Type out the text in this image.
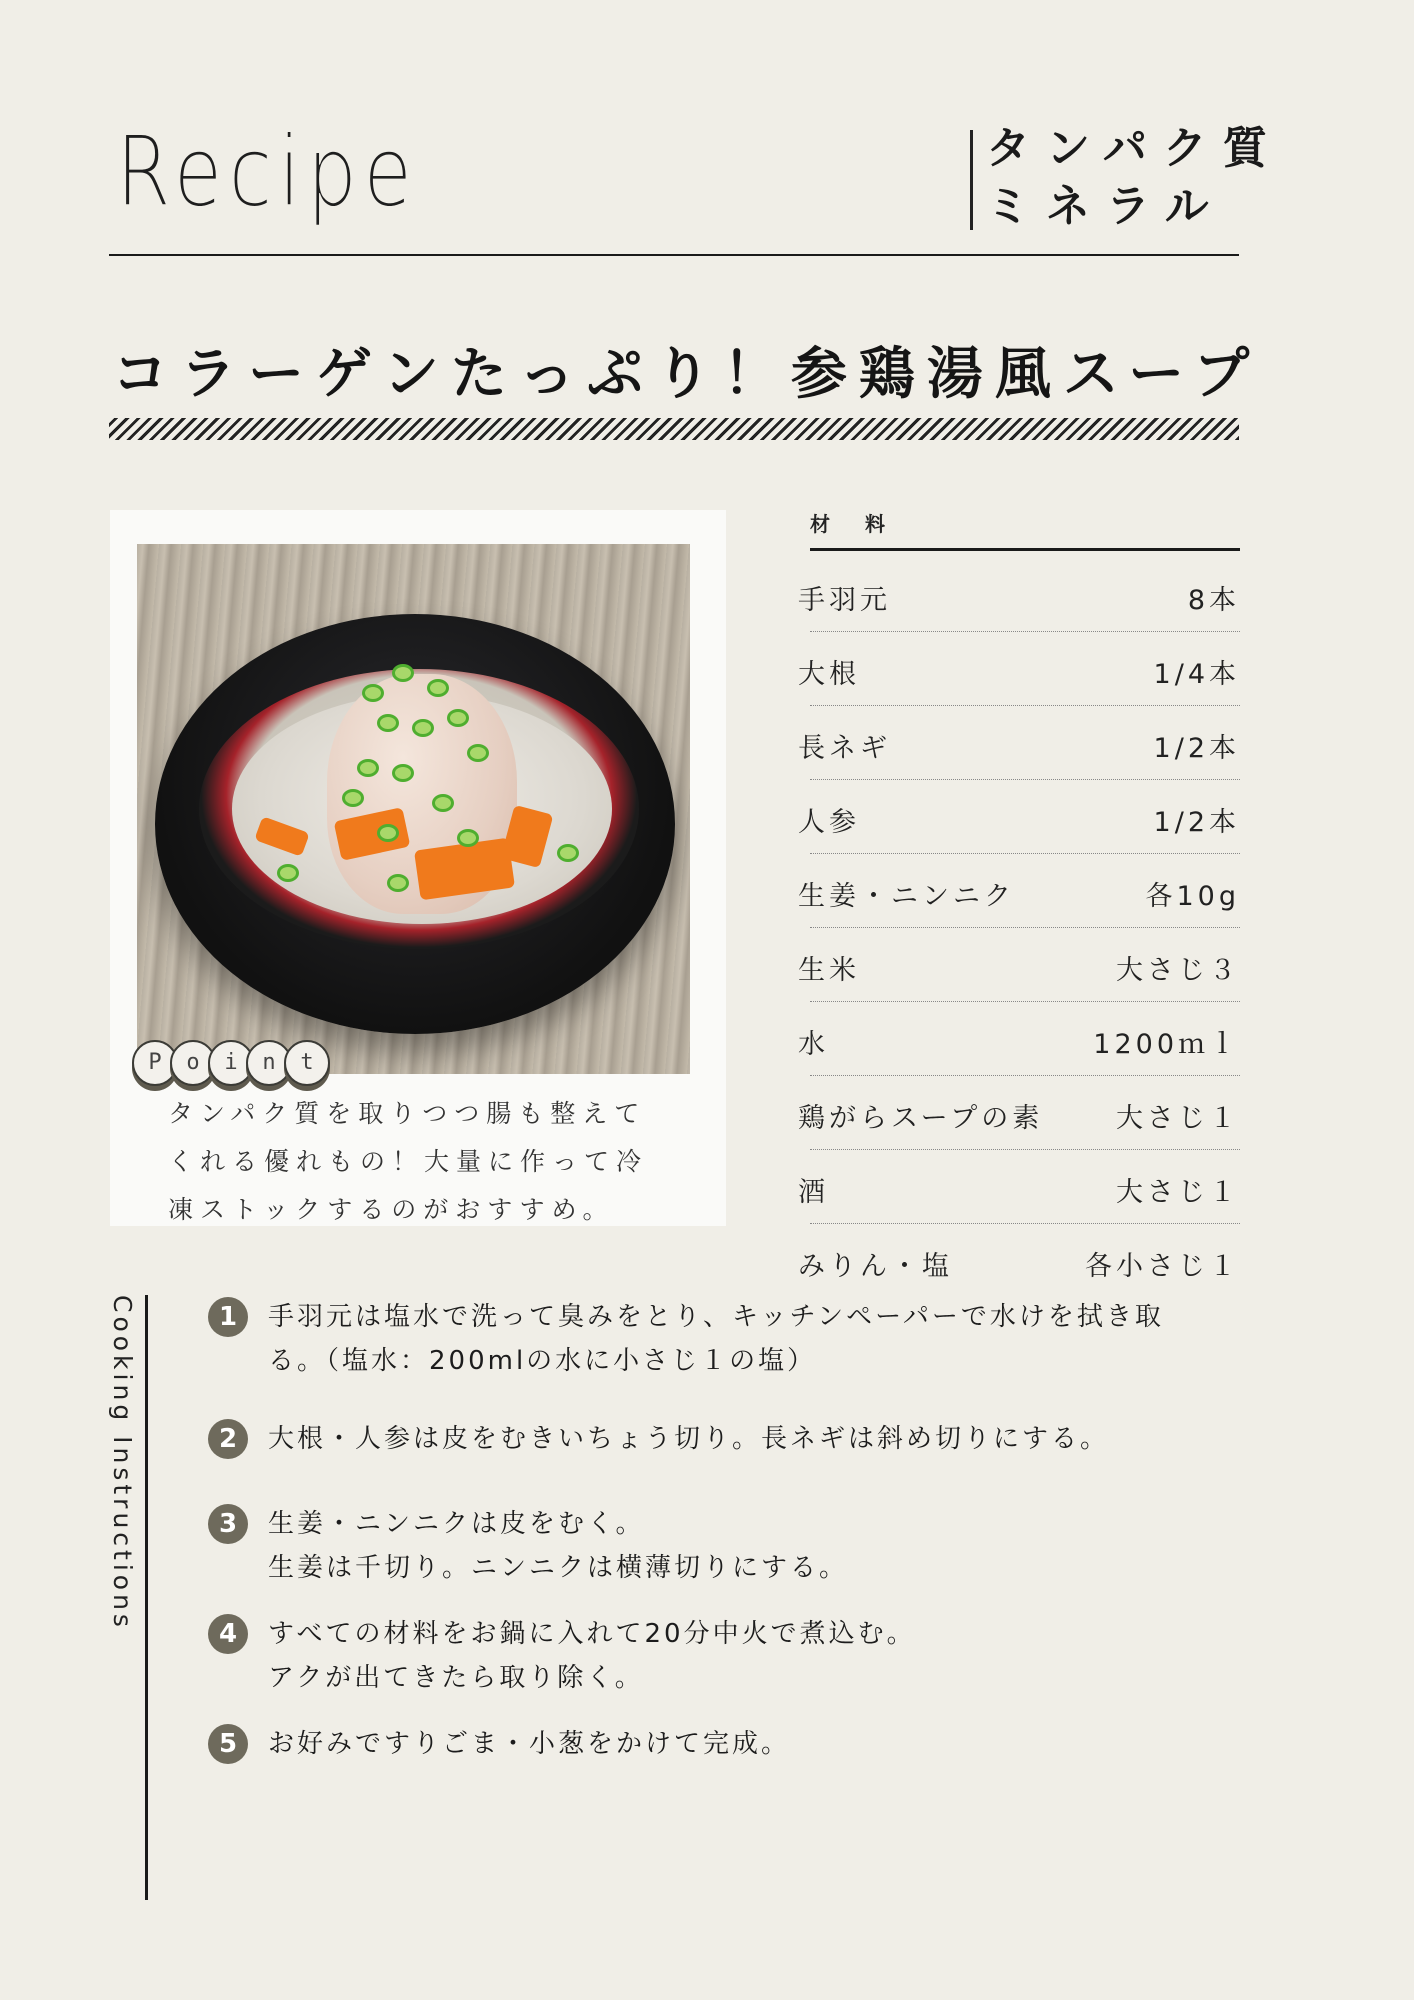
Recipe	タンパク質
ミネラル
コラーゲンたっぷり！参鶏湯風スープ
P	o	i	n	t
タンパク質を取りつつ腸も整えて
くれる優れもの！大量に作って冷
凍ストックするのがおすすめ。
材 料
手羽元	8本
大根	1/4本
長ネギ	1/2本
人参	1/2本
生姜・ニンニク	各10g
生米	大さじ３
水	1200ｍｌ
鶏がらスープの素	大さじ１
酒	大さじ１
みりん・塩	各小さじ１
Cooking Instructions	1	手羽元は塩水で洗って臭みをとり、キッチンペーパーで水けを拭き取
る。（塩水：200mlの水に小さじ１の塩）
2	大根・人参は皮をむきいちょう切り。長ネギは斜め切りにする。
3	生姜・ニンニクは皮をむく。
生姜は千切り。ニンニクは横薄切りにする。
4	すべての材料をお鍋に入れて20分中火で煮込む。
アクが出てきたら取り除く。
5	お好みですりごま・小葱をかけて完成。
